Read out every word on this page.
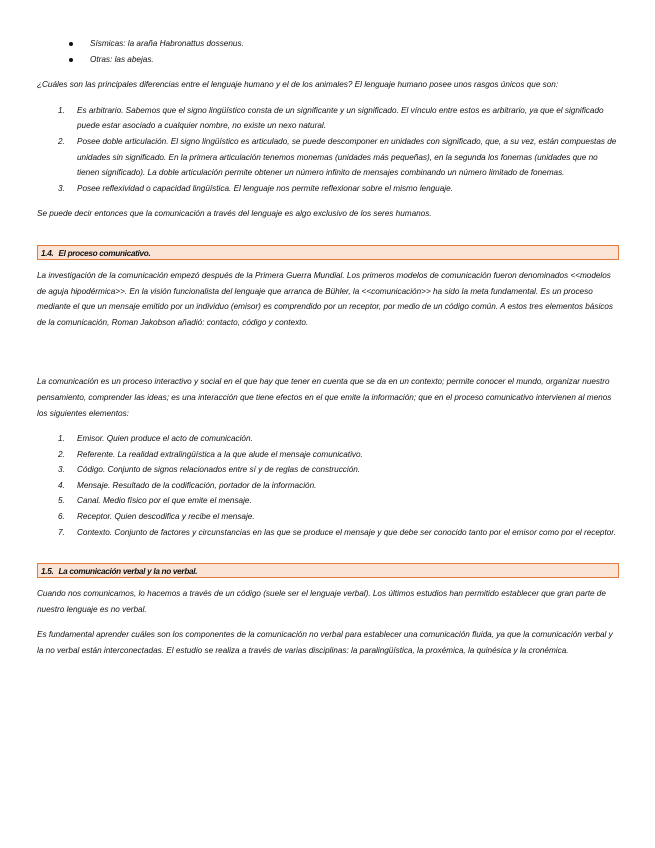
Sísmicas: la araña Habronattus dossenus.
Otras: las abejas.

¿Cuáles son las principales diferencias entre el lenguaje humano y el de los animales? El lenguaje humano posee unos rasgos únicos que son:

1. Es arbitrario. Sabemos que el signo lingüístico consta de un significante y un significado. El vínculo entre estos es arbitrario, ya que el significado puede estar asociado a cualquier nombre, no existe un nexo natural.
2. Posee doble articulación. El signo lingüístico es articulado, se puede descomponer en unidades con significado, que, a su vez, están compuestas de unidades sin significado. En la primera articulación tenemos monemas (unidades más pequeñas), en la segunda los fonemas (unidades que no tienen significado). La doble articulación permite obtener un número infinito de mensajes combinando un número limitado de fonemas.
3. Posee reflexividad o capacidad lingüística. El lenguaje nos permite reflexionar sobre el mismo lenguaje.

Se puede decir entonces que la comunicación a través del lenguaje es algo exclusivo de los seres humanos.

1.4. El proceso comunicativo.

La investigación de la comunicación empezó después de la Primera Guerra Mundial. Los primeros modelos de comunicación fueron denominados <<modelos de aguja hipodérmica>>. En la visión funcionalista del lenguaje que arranca de Bühler, la <<comunicación>> ha sido la meta fundamental. Es un proceso mediante el que un mensaje emitido por un individuo (emisor) es comprendido por un receptor, por medio de un código común. A estos tres elementos básicos de la comunicación, Roman Jakobson añadió: contacto, código y contexto.

La comunicación es un proceso interactivo y social en el que hay que tener en cuenta que se da en un contexto; permite conocer el mundo, organizar nuestro pensamiento, comprender las ideas; es una interacción que tiene efectos en el que emite la información; que en el proceso comunicativo intervienen al menos los siguientes elementos:

1. Emisor. Quien produce el acto de comunicación.
2. Referente. La realidad extralingüística a la que alude el mensaje comunicativo.
3. Código. Conjunto de signos relacionados entre sí y de reglas de construcción.
4. Mensaje. Resultado de la codificación, portador de la información.
5. Canal. Medio físico por el que emite el mensaje.
6. Receptor. Quien descodifica y recibe el mensaje.
7. Contexto. Conjunto de factores y circunstancias en las que se produce el mensaje y que debe ser conocido tanto por el emisor como por el receptor.
1.5. La comunicación verbal y la no verbal.

Cuando nos comunicamos, lo hacemos a través de un código (suele ser el lenguaje verbal). Los últimos estudios han permitido establecer que gran parte de nuestro lenguaje es no verbal.

Es fundamental aprender cuáles son los componentes de la comunicación no verbal para establecer una comunicación fluida, ya que la comunicación verbal y la no verbal están interconectadas. El estudio se realiza a través de varias disciplinas: la paralingüística, la proxémica, la quinésica y la cronémica.
